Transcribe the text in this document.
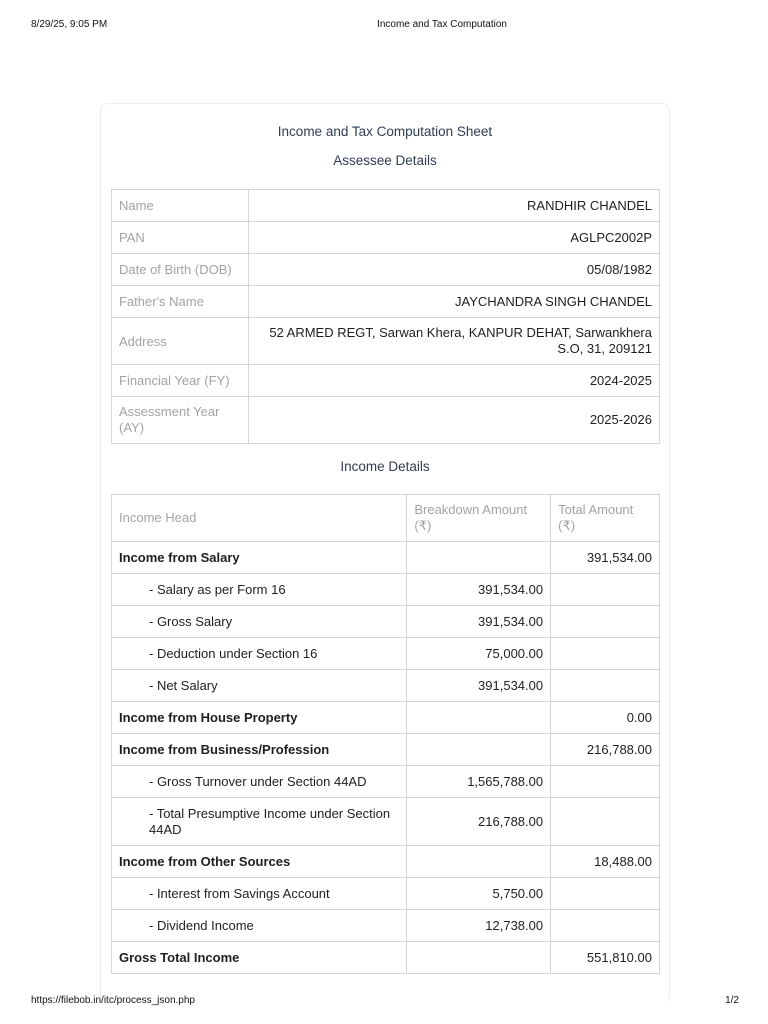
8/29/25, 9:05 PM	Income and Tax Computation
Income and Tax Computation Sheet
Assessee Details
Name	RANDHIR CHANDEL
PAN	AGLPC2002P
Date of Birth (DOB)	05/08/1982
Father's Name	JAYCHANDRA SINGH CHANDEL
Address	52 ARMED REGT, Sarwan Khera, KANPUR DEHAT, Sarwankhera S.O, 31, 209121
Financial Year (FY)	2024-2025
Assessment Year (AY)	2025-2026
Income Details
Income Head	Breakdown Amount (₹)	Total Amount (₹)
Income from Salary		391,534.00
- Salary as per Form 16	391,534.00	
- Gross Salary	391,534.00	
- Deduction under Section 16	75,000.00	
- Net Salary	391,534.00	
Income from House Property		0.00
Income from Business/Profession		216,788.00
- Gross Turnover under Section 44AD	1,565,788.00	
- Total Presumptive Income under Section 44AD	216,788.00	
Income from Other Sources		18,488.00
- Interest from Savings Account	5,750.00	
- Dividend Income	12,738.00	
Gross Total Income		551,810.00
https://filebob.in/itc/process_json.php	1/2
